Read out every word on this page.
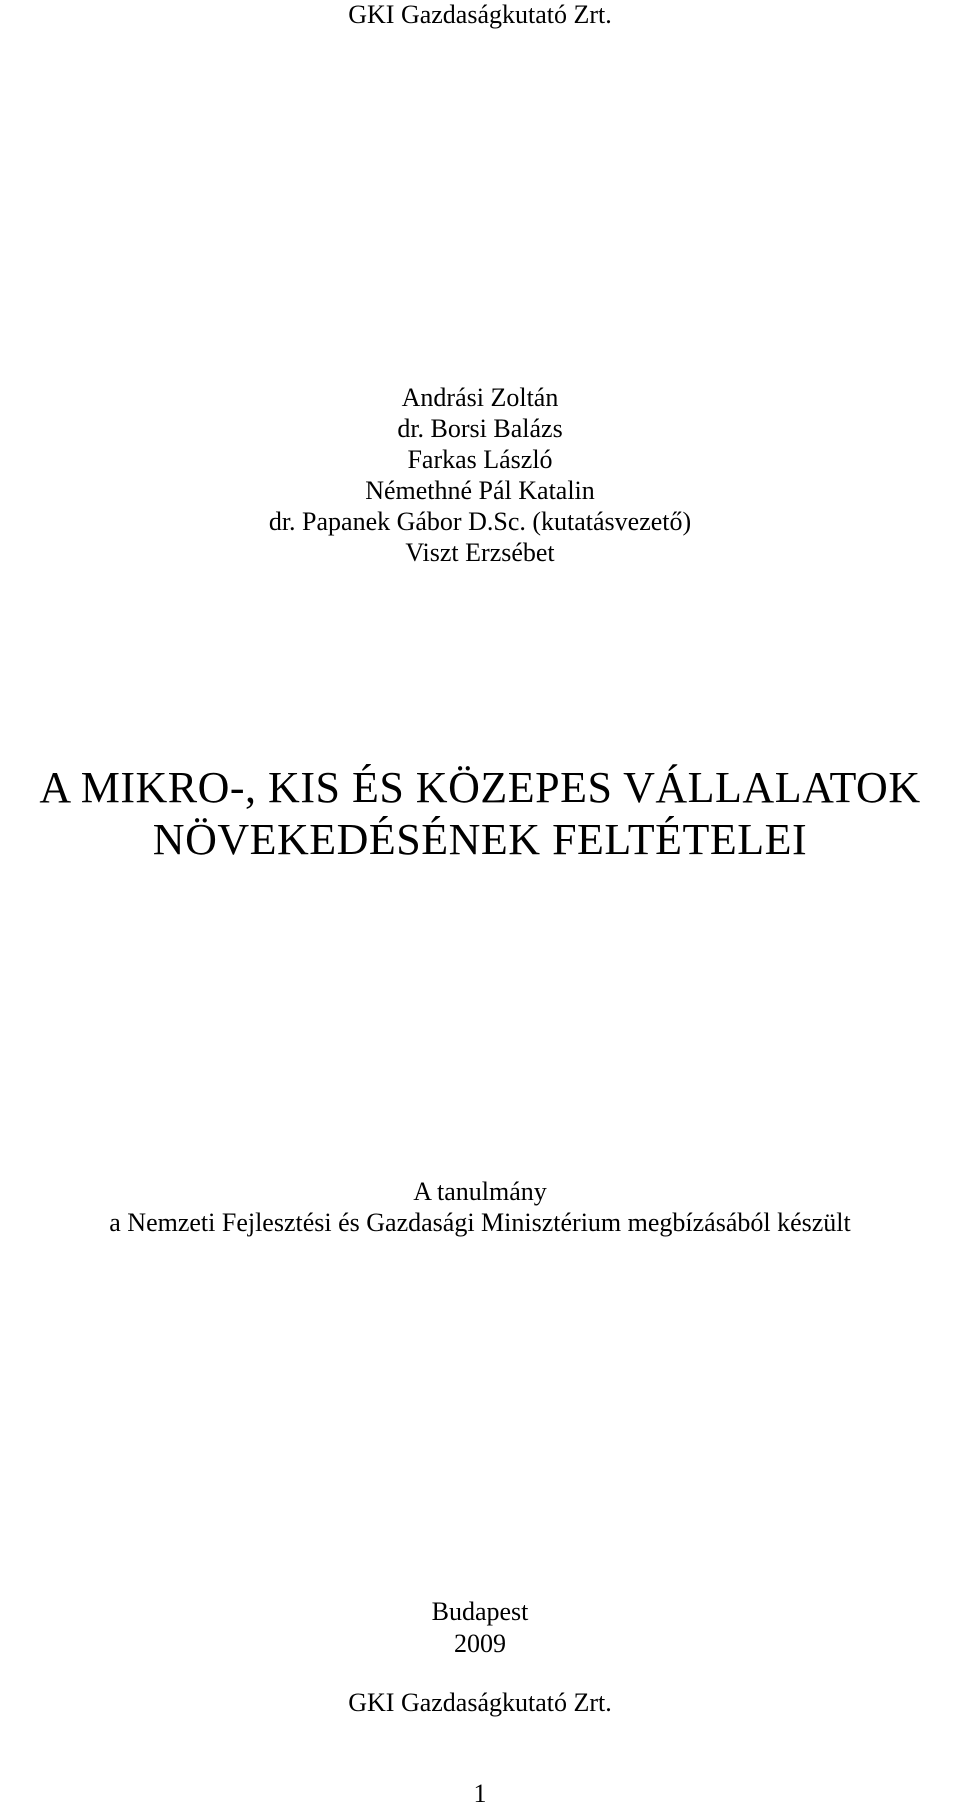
GKI Gazdaságkutató Zrt.
Andrási Zoltán
dr. Borsi Balázs
Farkas László
Némethné Pál Katalin
dr. Papanek Gábor D.Sc. (kutatásvezető)
Viszt Erzsébet
A MIKRO-, KIS ÉS KÖZEPES VÁLLALATOK
NÖVEKEDÉSÉNEK FELTÉTELEI
A tanulmány
a Nemzeti Fejlesztési és Gazdasági Minisztérium megbízásából készült
Budapest
2009
GKI Gazdaságkutató Zrt.
1
